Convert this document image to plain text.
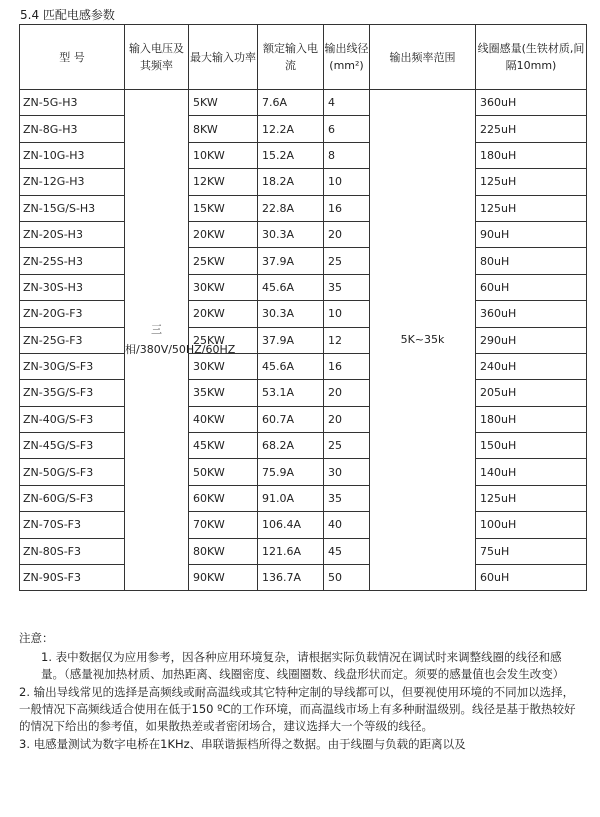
5.4 匹配电感参数
型 号	输入电压及其频率	最大输入功率	额定输入电流	输出线径(mm²)	输出频率范围	线圈感量(生铁材质,间隔10mm)
ZN-5G-H3	三相/380V/50HZ/60HZ	5KW	7.6A	4	5K~35k	360uH
ZN-8G-H3		8KW	12.2A	6		225uH
ZN-10G-H3		10KW	15.2A	8		180uH
ZN-12G-H3		12KW	18.2A	10		125uH
ZN-15G/S-H3		15KW	22.8A	16		125uH
ZN-20S-H3		20KW	30.3A	20		90uH
ZN-25S-H3		25KW	37.9A	25		80uH
ZN-30S-H3		30KW	45.6A	35		60uH
ZN-20G-F3		20KW	30.3A	10		360uH
ZN-25G-F3		25KW	37.9A	12		290uH
ZN-30G/S-F3		30KW	45.6A	16		240uH
ZN-35G/S-F3		35KW	53.1A	20		205uH
ZN-40G/S-F3		40KW	60.7A	20		180uH
ZN-45G/S-F3		45KW	68.2A	25		150uH
ZN-50G/S-F3		50KW	75.9A	30		140uH
ZN-60G/S-F3		60KW	91.0A	35		125uH
ZN-70S-F3		70KW	106.4A	40		100uH
ZN-80S-F3		80KW	121.6A	45		75uH
ZN-90S-F3		90KW	136.7A	50		60uH
注意：

1. 表中数据仅为应用参考，因各种应用环境复杂，请根据实际负载情况在调试时来调整线圈的线径和感量。（感量视加热材质、加热距离、线圈密度、线圈圈数、线盘形状而定。须要的感量值也会发生改变）

2. 输出导线常见的选择是高频线或耐高温线或其它特种定制的导线都可以，但要视使用环境的不同加以选择，一般情况下高频线适合使用在低于150 ºC的工作环境，而高温线市场上有多种耐温级别。线径是基于散热较好的情况下给出的参考值，如果散热差或者密闭场合，建议选择大一个等级的线径。

3. 电感量测试为数字电桥在1KHz、串联谐振档所得之数据。由于线圈与负载的距离以及
